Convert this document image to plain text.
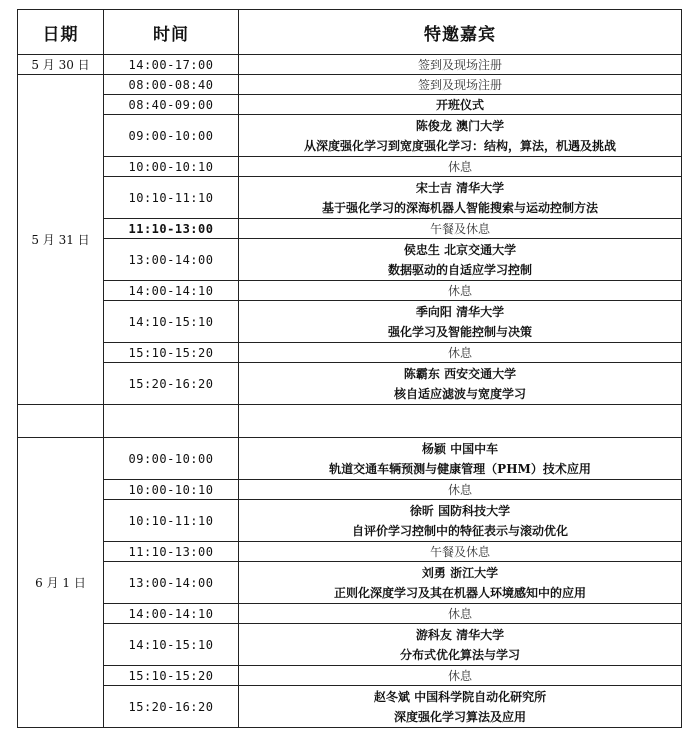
日期	时间	特邀嘉宾
5 月 30 日	14:00-17:00	签到及现场注册
5 月 31 日	08:00-08:40	签到及现场注册
	08:40-09:00	开班仪式
	09:00-10:00	陈俊龙 澳门大学
从深度强化学习到宽度强化学习：结构，算法，机遇及挑战

	10:00-10:10	休息
	10:10-11:10	宋士吉 清华大学
基于强化学习的深海机器人智能搜索与运动控制方法

	11:10-13:00	午餐及休息
	13:00-14:00	侯忠生 北京交通大学
数据驱动的自适应学习控制

	14:00-14:10	休息
	14:10-15:10	季向阳 清华大学
强化学习及智能控制与决策

	15:10-15:20	休息
	15:20-16:20	陈霸东 西安交通大学
核自适应滤波与宽度学习

6 月 1 日	09:00-10:00	杨颖 中国中车
轨道交通车辆预测与健康管理（PHM）技术应用

	10:00-10:10	休息
	10:10-11:10	徐昕 国防科技大学
自评价学习控制中的特征表示与滚动优化

	11:10-13:00	午餐及休息
	13:00-14:00	刘勇 浙江大学
正则化深度学习及其在机器人环境感知中的应用

	14:00-14:10	休息
	14:10-15:10	游科友 清华大学
分布式优化算法与学习

	15:10-15:20	休息
	15:20-16:20	赵冬斌 中国科学院自动化研究所
深度强化学习算法及应用
